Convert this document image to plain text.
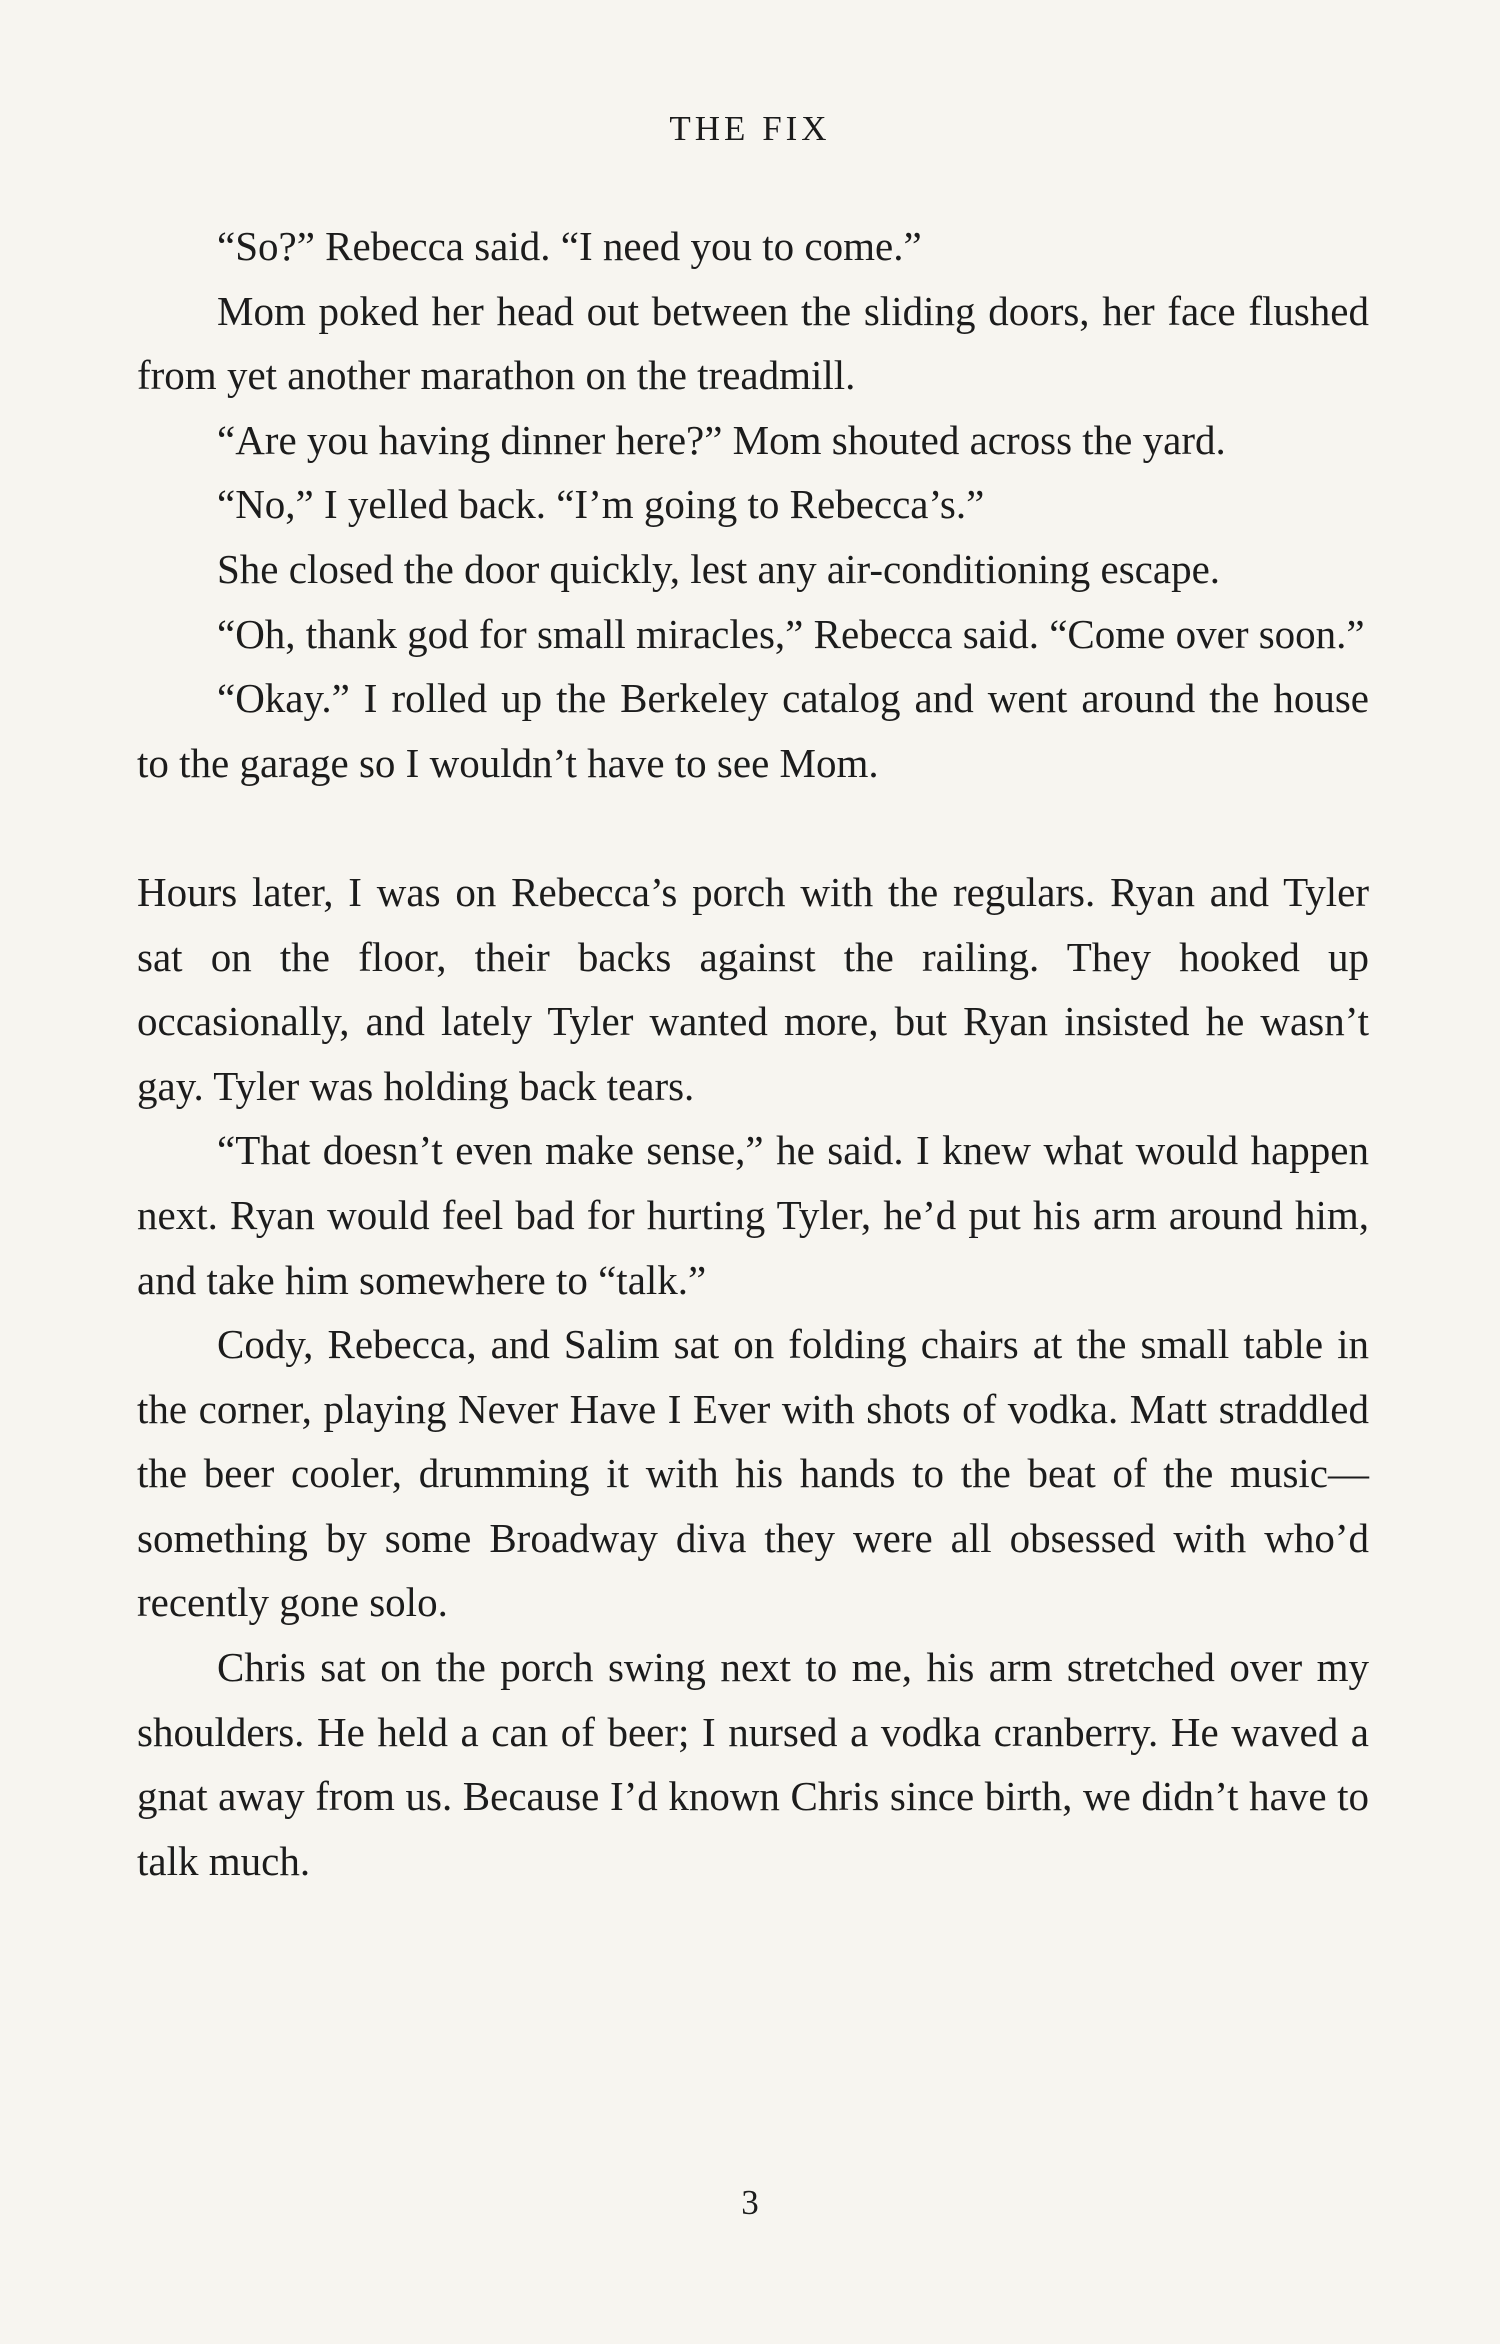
THE FIX

“So?” Rebecca said. “I need you to come.”

Mom poked her head out between the sliding doors, her face flushed from yet another marathon on the treadmill.

“Are you having dinner here?” Mom shouted across the yard.

“No,” I yelled back. “I’m going to Rebecca’s.”

She closed the door quickly, lest any air-conditioning escape.

“Oh, thank god for small miracles,” Rebecca said. “Come over soon.”

“Okay.” I rolled up the Berkeley catalog and went around the house to the garage so I wouldn’t have to see Mom.

Hours later, I was on Rebecca’s porch with the regulars. Ryan and Tyler sat on the floor, their backs against the railing. They hooked up occasionally, and lately Tyler wanted more, but Ryan insisted he wasn’t gay. Tyler was holding back tears.

“That doesn’t even make sense,” he said. I knew what would happen next. Ryan would feel bad for hurting Tyler, he’d put his arm around him, and take him somewhere to “talk.”

Cody, Rebecca, and Salim sat on folding chairs at the small table in the corner, playing Never Have I Ever with shots of vodka. Matt straddled the beer cooler, drumming it with his hands to the beat of the music—something by some Broadway diva they were all obsessed with who’d recently gone solo.

Chris sat on the porch swing next to me, his arm stretched over my shoulders. He held a can of beer; I nursed a vodka cranberry. He waved a gnat away from us. Because I’d known Chris since birth, we didn’t have to talk much.

3
